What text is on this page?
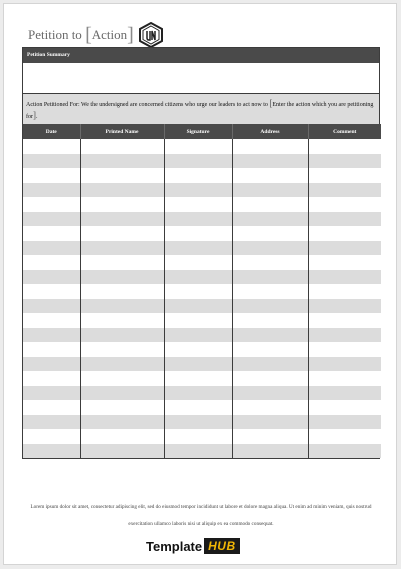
Petition to
[ Action ]
Petition Summary
Action Petitioned For: We the undersigned are concerned citizens who urge our leaders to act now to [Enter the action which you are petitioning for].
Date	Printed Name	Signature	Address	Comment

Lorem ipsum dolor sit amet, consectetur adipiscing elit, sed do eiusmod tempor incididunt ut labore et dolore magna aliqua. Ut enim ad minim veniam, quis nostrud exercitation ullamco laboris nisi ut aliquip ex ea commodo consequat.
Template HUB
